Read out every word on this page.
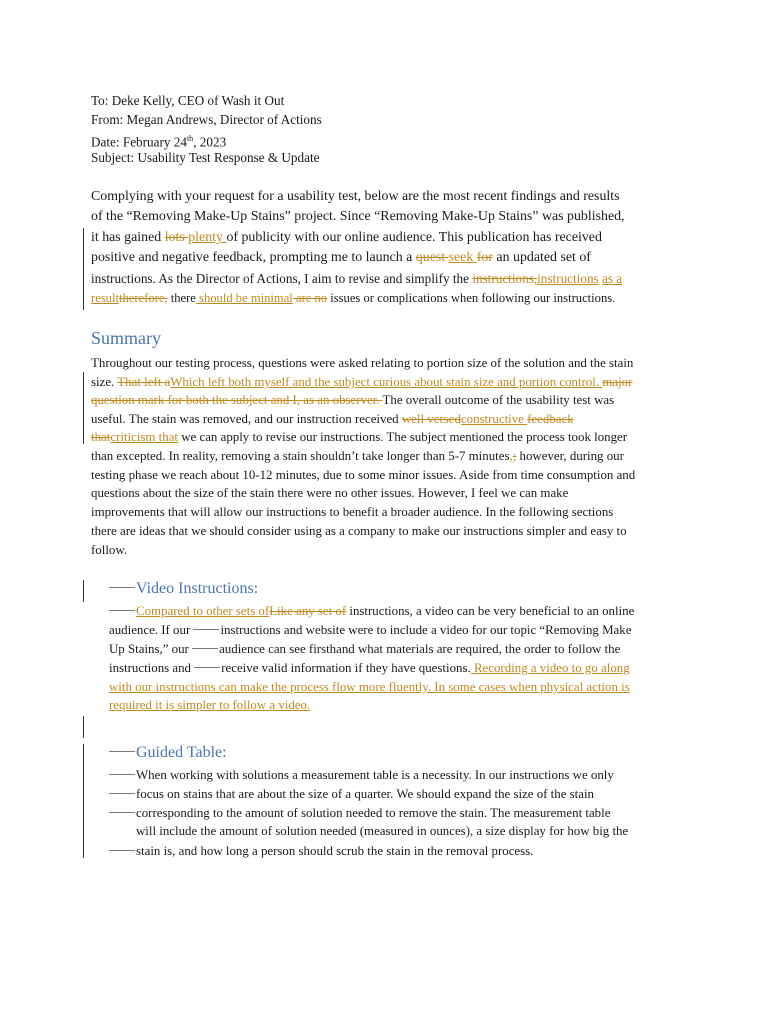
To: Deke Kelly, CEO of Wash it Out
From: Megan Andrews, Director of Actions
Date: February 24th, 2023
Subject: Usability Test Response & Update
Complying with your request for a usability test, below are the most recent findings and results
of the “Removing Make-Up Stains” project. Since “Removing Make-Up Stains” was published,
it has gained lots plenty of publicity with our online audience. This publication has received
positive and negative feedback, prompting me to launch a quest seek for an updated set of
instructions. As the Director of Actions, I aim to revise and simplify the instructions,instructions as a
resulttherefore, there should be minimal are no issues or complications when following our instructions.
Summary
Throughout our testing process, questions were asked relating to portion size of the solution and the stain
size. That left aWhich left both myself and the subject curious about stain size and portion control. major
question mark for both the subject and I, as an observer. The overall outcome of the usability test was
useful. The stain was removed, and our instruction received well versedconstructive feedback
thatcriticism that we can apply to revise our instructions. The subject mentioned the process took longer
than excepted. In reality, removing a stain shouldn’t take longer than 5-7 minutes,; however, during our
testing phase we reach about 10-12 minutes, due to some minor issues. Aside from time consumption and
questions about the size of the stain there were no other issues. However, I feel we can make
improvements that will allow our instructions to benefit a broader audience. In the following sections
there are ideas that we should consider using as a company to make our instructions simpler and easy to
follow.
Video Instructions:
Compared to other sets ofLike any set of instructions, a video can be very beneficial to an online
audience. If our instructions and website were to include a video for our topic “Removing Make
Up Stains,” our audience can see firsthand what materials are required, the order to follow the
instructions and receive valid information if they have questions. Recording a video to go along
with our instructions can make the process flow more fluently. In some cases when physical action is
required it is simpler to follow a video.
Guided Table:
When working with solutions a measurement table is a necessity. In our instructions we only
focus on stains that are about the size of a quarter. We should expand the size of the stain
corresponding to the amount of solution needed to remove the stain. The measurement table
will include the amount of solution needed (measured in ounces), a size display for how big the
stain is, and how long a person should scrub the stain in the removal process.
